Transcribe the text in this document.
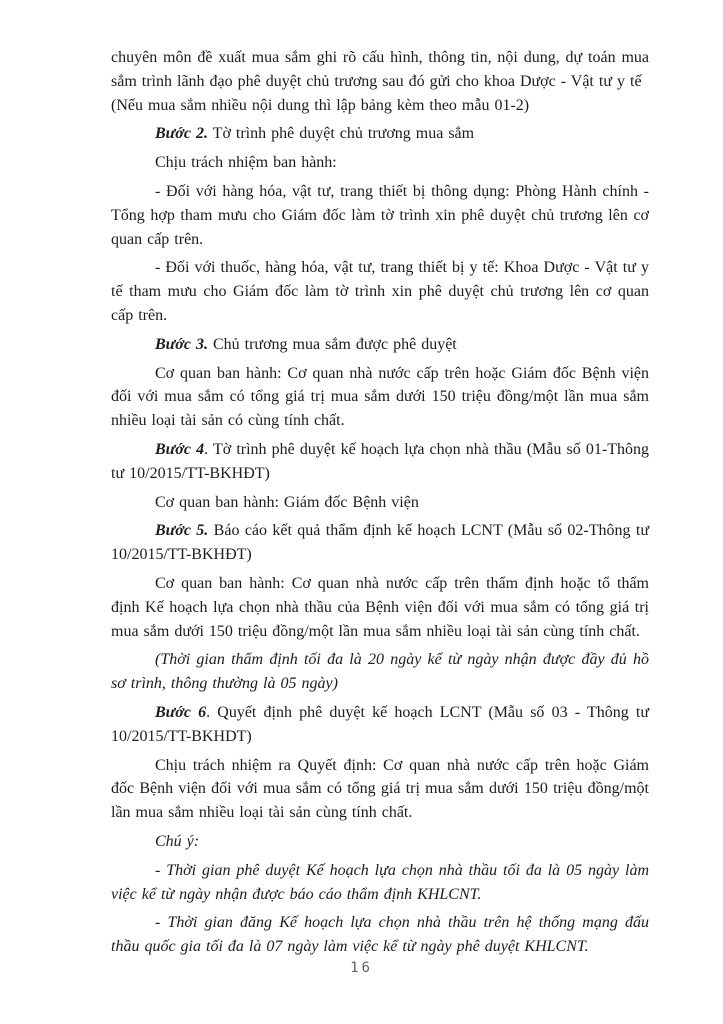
chuyên môn đề xuất mua sắm ghi rõ cấu hình, thông tin, nội dung, dự toán mua sắm trình lãnh đạo phê duyệt chủ trương sau đó gửi cho khoa Dược - Vật tư y tế

(Nếu mua sắm nhiều nội dung thì lập bảng kèm theo mẫu 01-2)

Bước 2. Tờ trình phê duyệt chủ trương mua sắm

Chịu trách nhiệm ban hành:

- Đối với hàng hóa, vật tư, trang thiết bị thông dụng: Phòng Hành chính - Tổng hợp tham mưu cho Giám đốc làm tờ trình xin phê duyệt chủ trương lên cơ quan cấp trên.

- Đối với thuốc, hàng hóa, vật tư, trang thiết bị y tế: Khoa Dược - Vật tư y tế tham mưu cho Giám đốc làm tờ trình xin phê duyệt chủ trương lên cơ quan cấp trên.

Bước 3. Chủ trương mua sắm được phê duyệt

Cơ quan ban hành: Cơ quan nhà nước cấp trên hoặc Giám đốc Bệnh viện đối với mua sắm có tổng giá trị mua sắm dưới 150 triệu đồng/một lần mua sắm nhiều loại tài sản có cùng tính chất.

Bước 4. Tờ trình phê duyệt kế hoạch lựa chọn nhà thầu (Mẫu số 01-Thông tư 10/2015/TT-BKHĐT)

Cơ quan ban hành: Giám đốc Bệnh viện

Bước 5. Báo cáo kết quả thẩm định kế hoạch LCNT (Mẫu số 02-Thông tư 10/2015/TT-BKHĐT)

Cơ quan ban hành: Cơ quan nhà nước cấp trên thẩm định hoặc tổ thẩm định Kế hoạch lựa chọn nhà thầu của Bệnh viện đối với mua sắm có tổng giá trị mua sắm dưới 150 triệu đồng/một lần mua sắm nhiều loại tài sản cùng tính chất.

(Thời gian thẩm định tối đa là 20 ngày kể từ ngày nhận được đầy đủ hồ sơ trình, thông thường là 05 ngày)

Bước 6. Quyết định phê duyệt kế hoạch LCNT (Mẫu số 03 - Thông tư 10/2015/TT-BKHDT)

Chịu trách nhiệm ra Quyết định: Cơ quan nhà nước cấp trên hoặc Giám đốc Bệnh viện đối với mua sắm có tổng giá trị mua sắm dưới 150 triệu đồng/một lần mua sắm nhiều loại tài sản cùng tính chất.

Chú ý:

- Thời gian phê duyệt Kế hoạch lựa chọn nhà thầu tối đa là 05 ngày làm việc kể từ ngày nhận được báo cáo thẩm định KHLCNT.

- Thời gian đăng Kế hoạch lựa chọn nhà thầu trên hệ thống mạng đấu thầu quốc gia tối đa là 07 ngày làm việc kể từ ngày phê duyệt KHLCNT.

16
